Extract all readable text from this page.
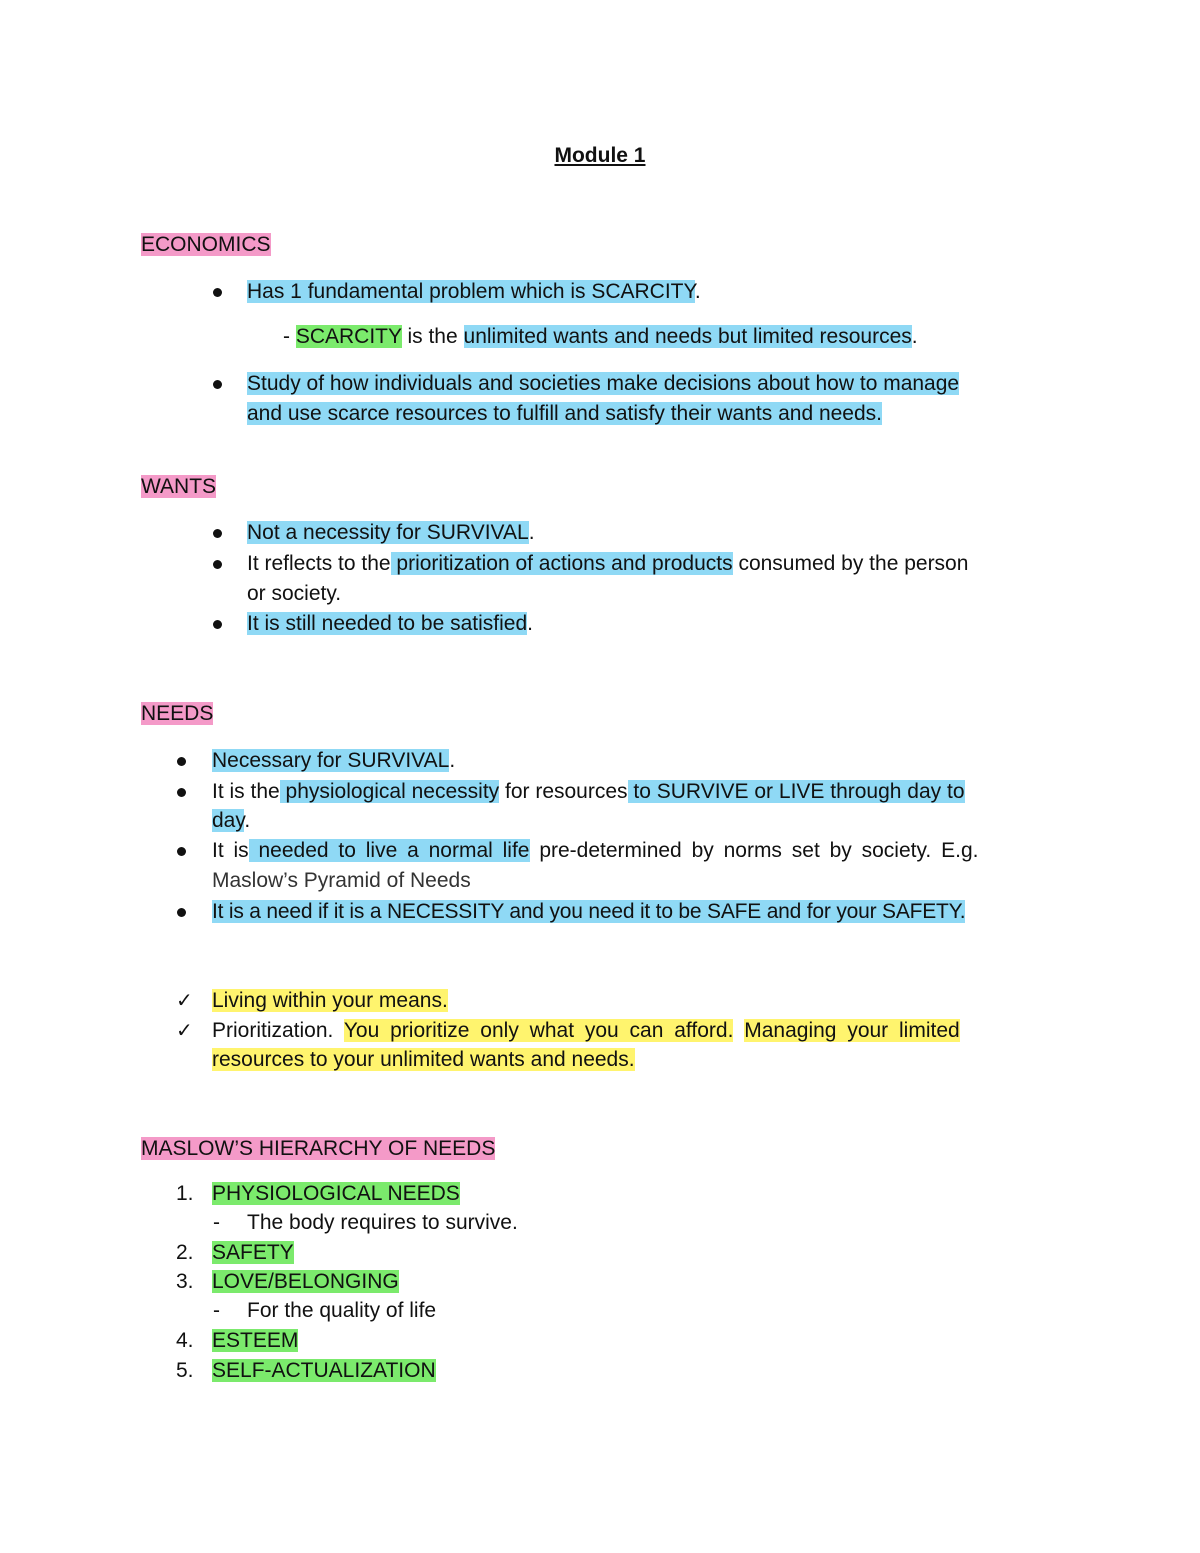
Module 1
ECONOMICS
Has 1 fundamental problem which is SCARCITY.
- SCARCITY is the unlimited wants and needs but limited resources.
Study of how individuals and societies make decisions about how to manage
and use scarce resources to fulfill and satisfy their wants and needs.
WANTS
Not a necessity for SURVIVAL.
It reflects to the prioritization of actions and products consumed by the person
or society.
It is still needed to be satisfied.
NEEDS
Necessary for SURVIVAL.
It is the physiological necessity for resources to SURVIVE or LIVE through day to
day.
It is needed to live a normal life pre-determined by norms set by society. E.g.
Maslow’s Pyramid of Needs
It is a need if it is a NECESSITY and you need it to be SAFE and for your SAFETY.
✓ Living within your means.
✓ Prioritization. You prioritize only what you can afford. Managing your limited
resources to your unlimited wants and needs.
MASLOW’S HIERARCHY OF NEEDS
1. PHYSIOLOGICAL NEEDS
- The body requires to survive.
2. SAFETY
3. LOVE/BELONGING
- For the quality of life
4. ESTEEM
5. SELF-ACTUALIZATION
